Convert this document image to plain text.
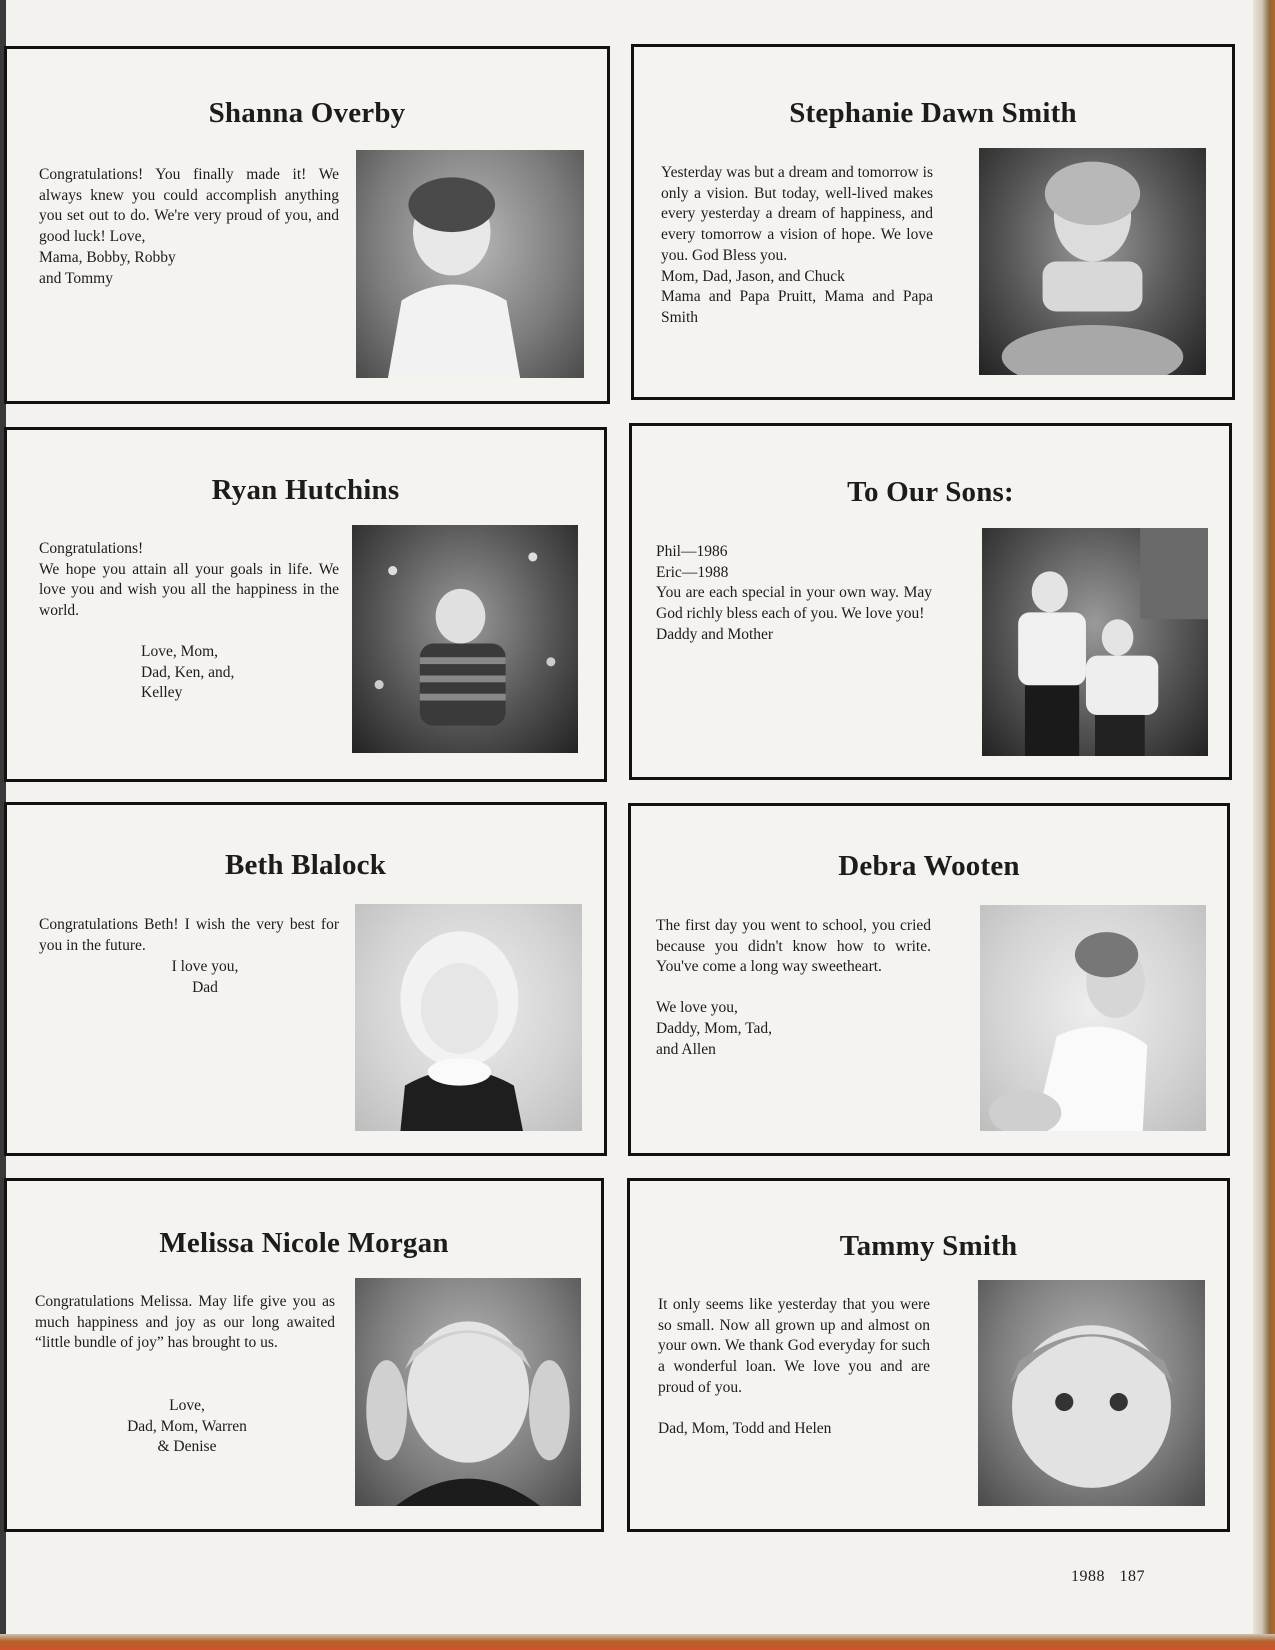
Shanna Overby

Congratulations! You finally made it! We always knew you could accomplish anything you set out to do. We're very proud of you, and good luck! Love,

Mama, Bobby, Robby

and Tommy

Stephanie Dawn Smith

Yesterday was but a dream and tomorrow is only a vision. But today, well-lived makes every yesterday a dream of happiness, and every tomorrow a vision of hope. We love you. God Bless you.

Mom, Dad, Jason, and Chuck

Mama and Papa Pruitt, Mama and Papa Smith

Ryan Hutchins

Congratulations!

We hope you attain all your goals in life. We love you and wish you all the happiness in the world.

Love, Mom,

Dad, Ken, and,

Kelley

To Our Sons:

Phil—1986

Eric—1988

You are each special in your own way. May God richly bless each of you. We love you!

Daddy and Mother

Beth Blalock

Congratulations Beth! I wish the very best for you in the future.

I love you,

Dad

Debra Wooten

The first day you went to school, you cried because you didn't know how to write. You've come a long way sweetheart.

We love you,

Daddy, Mom, Tad,

and Allen

Melissa Nicole Morgan

Congratulations Melissa. May life give you as much happiness and joy as our long awaited “little bundle of joy” has brought to us.

Love,

Dad, Mom, Warren

& Denise

Tammy Smith

It only seems like yesterday that you were so small. Now all grown up and almost on your own. We thank God everyday for such a wonderful loan. We love you and are proud of you.

Dad, Mom, Todd and Helen

1988 187
